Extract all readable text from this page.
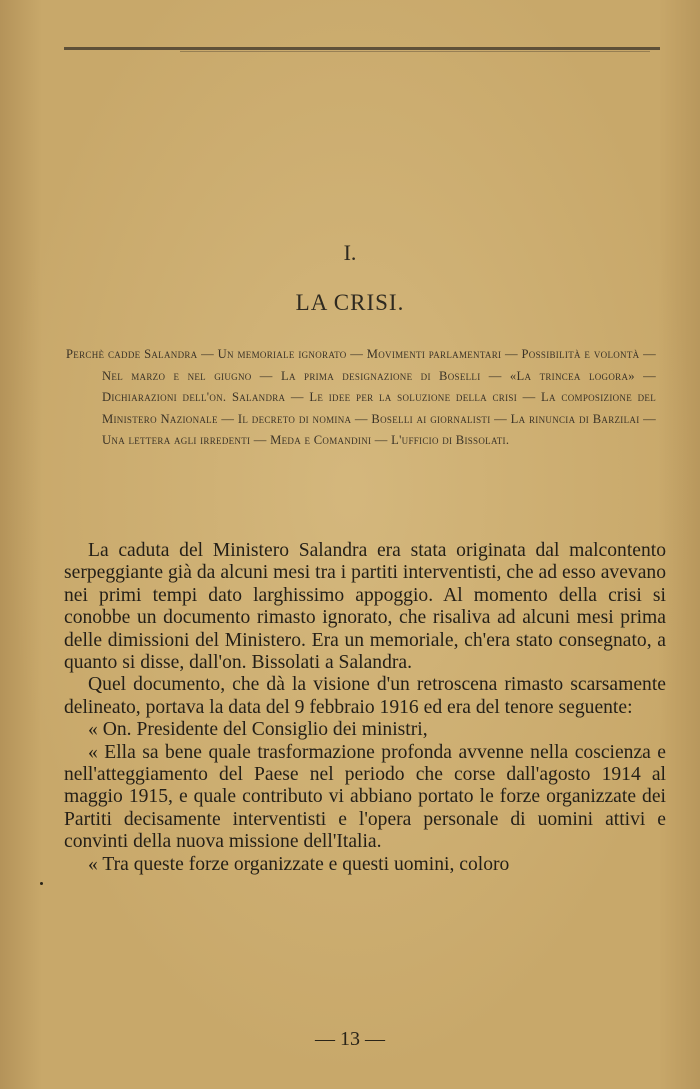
I.
LA CRISI.
Perchè cadde Salandra — Un memoriale ignorato — Movimenti parlamentari — Possibilità e volontà — Nel marzo e nel giugno — La prima designazione di Boselli — «La trincea logora» — Dichiarazioni dell'on. Salandra — Le idee per la soluzione della crisi — La composizione del Ministero Nazionale — Il decreto di nomina — Boselli ai giornalisti — La rinuncia di Barzilai — Una lettera agli irredenti — Meda e Comandini — L'ufficio di Bissolati.

La caduta del Ministero Salandra era stata originata dal malcontento serpeggiante già da alcuni mesi tra i partiti interventisti, che ad esso avevano nei primi tempi dato larghissimo appoggio. Al momento della crisi si conobbe un documento rimasto ignorato, che risaliva ad alcuni mesi prima delle dimissioni del Ministero. Era un memoriale, ch'era stato consegnato, a quanto si disse, dall'on. Bissolati a Salandra.

Quel documento, che dà la visione d'un retroscena rimasto scarsamente delineato, portava la data del 9 febbraio 1916 ed era del tenore seguente:

« On. Presidente del Consiglio dei ministri,

« Ella sa bene quale trasformazione profonda avvenne nella coscienza e nell'atteggiamento del Paese nel periodo che corse dall'agosto 1914 al maggio 1915, e quale contributo vi abbiano portato le forze organizzate dei Partiti decisamente interventisti e l'opera personale di uomini attivi e convinti della nuova missione dell'Italia.

« Tra queste forze organizzate e questi uomini, coloro

— 13 —
